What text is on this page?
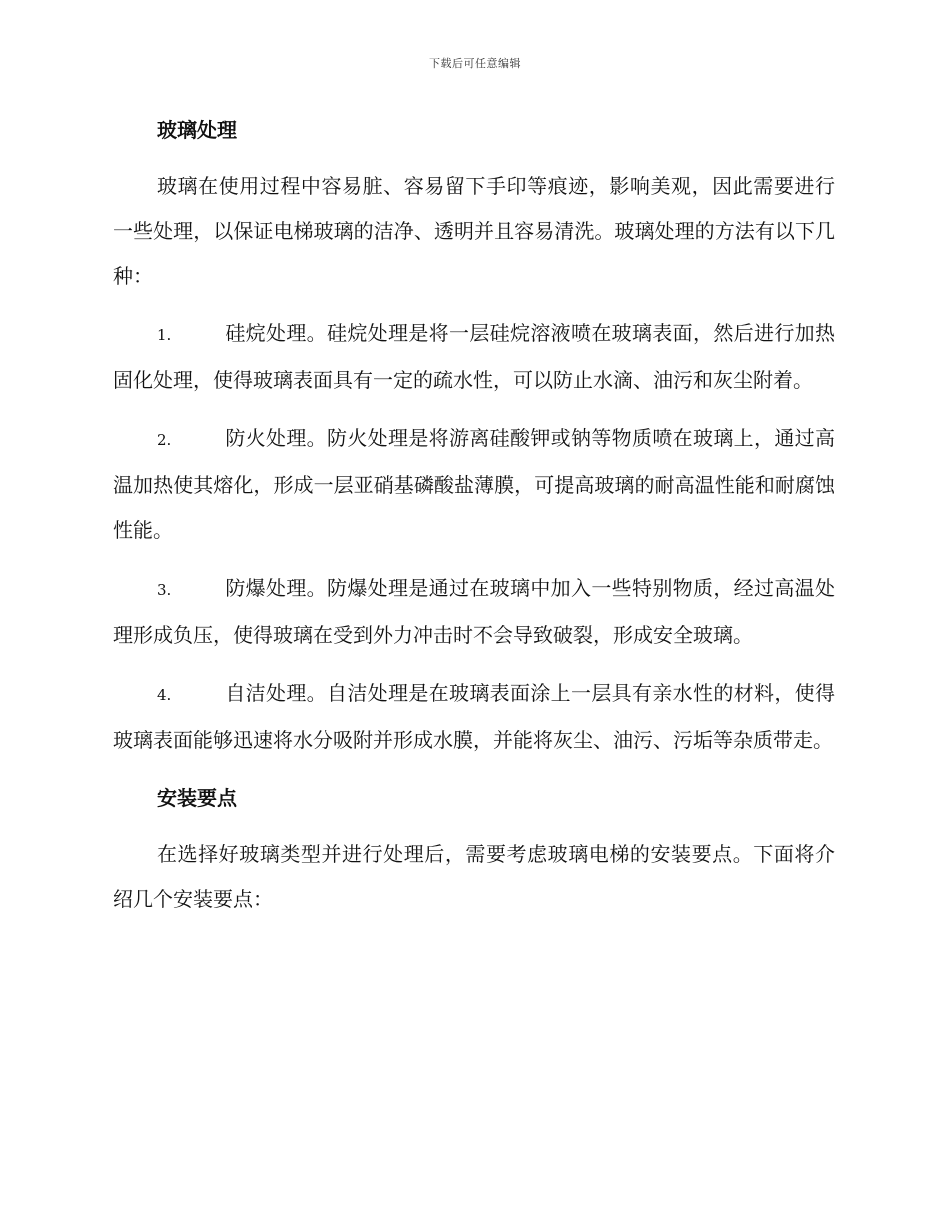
下载后可任意编辑
玻璃处理

玻璃在使用过程中容易脏、容易留下手印等痕迹，影响美观，因此需要进行一些处理，以保证电梯玻璃的洁净、透明并且容易清洗。玻璃处理的方法有以下几种：

1.	硅烷处理。硅烷处理是将一层硅烷溶液喷在玻璃表面，然后进行加热固化处理，使得玻璃表面具有一定的疏水性，可以防止水滴、油污和灰尘附着。

2.	防火处理。防火处理是将游离硅酸钾或钠等物质喷在玻璃上，通过高温加热使其熔化，形成一层亚硝基磷酸盐薄膜，可提高玻璃的耐高温性能和耐腐蚀性能。

3.	防爆处理。防爆处理是通过在玻璃中加入一些特别物质，经过高温处理形成负压，使得玻璃在受到外力冲击时不会导致破裂，形成安全玻璃。

4.	自洁处理。自洁处理是在玻璃表面涂上一层具有亲水性的材料，使得玻璃表面能够迅速将水分吸附并形成水膜，并能将灰尘、油污、污垢等杂质带走。

安装要点

在选择好玻璃类型并进行处理后，需要考虑玻璃电梯的安装要点。下面将介绍几个安装要点：
